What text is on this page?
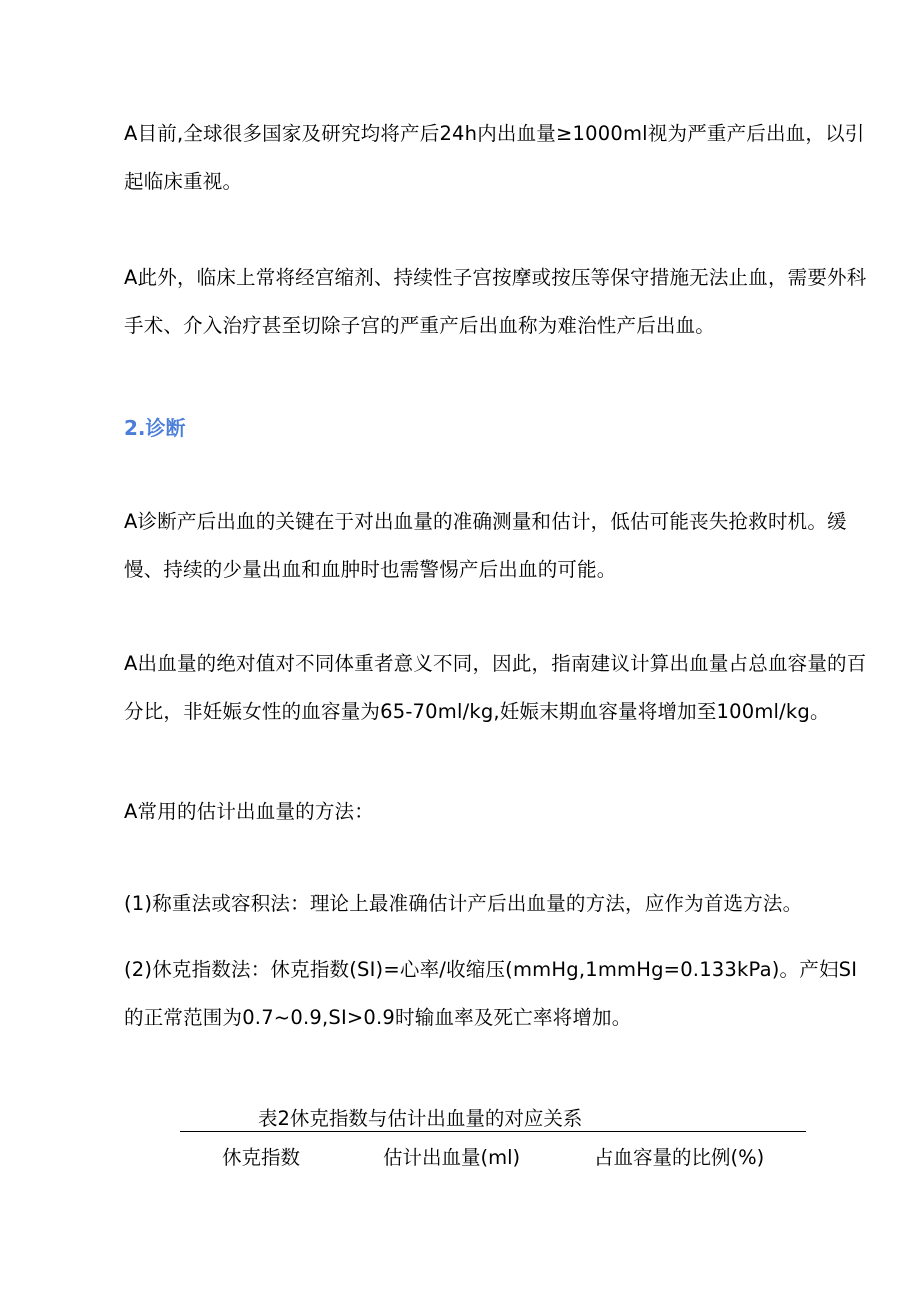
A目前,全球很多国家及研究均将产后24h内出血量≥1000ml视为严重产后出血，以引起临床重视。

A此外，临床上常将经宫缩剂、持续性子宫按摩或按压等保守措施无法止血，需要外科手术、介入治疗甚至切除子宫的严重产后出血称为难治性产后出血。

2.诊断

A诊断产后出血的关键在于对出血量的准确测量和估计，低估可能丧失抢救时机。缓慢、持续的少量出血和血肿时也需警惕产后出血的可能。

A出血量的绝对值对不同体重者意义不同，因此，指南建议计算出血量占总血容量的百分比，非妊娠女性的血容量为65-70ml/kg,妊娠末期血容量将增加至100ml/kg。

A常用的估计出血量的方法：

(1)称重法或容积法：理论上最准确估计产后出血量的方法，应作为首选方法。

(2)休克指数法：休克指数(SI)=心率/收缩压(mmHg,1mmHg=0.133kPa)。产妇SI的正常范围为0.7~0.9,SI>0.9时输血率及死亡率将增加。

表2休克指数与估计出血量的对应关系
休克指数	估计出血量(ml)	占血容量的比例(%)
